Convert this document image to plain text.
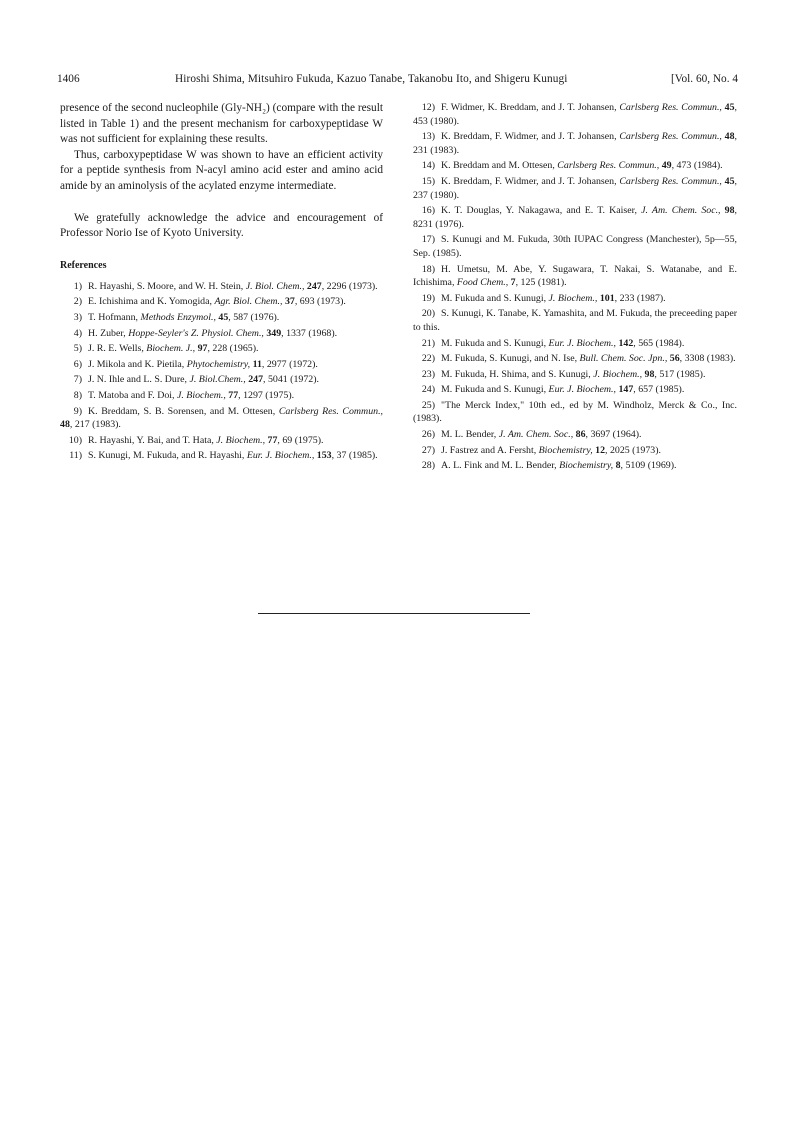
1406	Hiroshi Shima, Mitsuhiro Fukuda, Kazuo Tanabe, Takanobu Ito, and Shigeru Kunugi	[Vol. 60, No. 4

presence of the second nucleophile (Gly-NH₂) (compare with the result listed in Table 1) and the present mechanism for carboxypeptidase W was not sufficient for explaining these results.

Thus, carboxypeptidase W was shown to have an efficient activity for a peptide synthesis from N-acyl amino acid ester and amino acid amide by an aminolysis of the acylated enzyme intermediate.

We gratefully acknowledge the advice and encouragement of Professor Norio Ise of Kyoto University.

References

1) R. Hayashi, S. Moore, and W. H. Stein, J. Biol. Chem., 247, 2296 (1973).

2) E. Ichishima and K. Yomogida, Agr. Biol. Chem., 37, 693 (1973).

3) T. Hofmann, Methods Enzymol., 45, 587 (1976).

4) H. Zuber, Hoppe-Seyler's Z. Physiol. Chem., 349, 1337 (1968).

5) J. R. E. Wells, Biochem. J., 97, 228 (1965).

6) J. Mikola and K. Pietila, Phytochemistry, 11, 2977 (1972).

7) J. N. Ihle and L. S. Dure, J. Biol.Chem., 247, 5041 (1972).

8) T. Matoba and F. Doi, J. Biochem., 77, 1297 (1975).

9) K. Breddam, S. B. Sorensen, and M. Ottesen, Carlsberg Res. Commun., 48, 217 (1983).

10) R. Hayashi, Y. Bai, and T. Hata, J. Biochem., 77, 69 (1975).

11) S. Kunugi, M. Fukuda, and R. Hayashi, Eur. J. Biochem., 153, 37 (1985).

12) F. Widmer, K. Breddam, and J. T. Johansen, Carlsberg Res. Commun., 45, 453 (1980).

13) K. Breddam, F. Widmer, and J. T. Johansen, Carlsberg Res. Commun., 48, 231 (1983).

14) K. Breddam and M. Ottesen, Carlsberg Res. Commun., 49, 473 (1984).

15) K. Breddam, F. Widmer, and J. T. Johansen, Carlsberg Res. Commun., 45, 237 (1980).

16) K. T. Douglas, Y. Nakagawa, and E. T. Kaiser, J. Am. Chem. Soc., 98, 8231 (1976).

17) S. Kunugi and M. Fukuda, 30th IUPAC Congress (Manchester), 5p—55, Sep. (1985).

18) H. Umetsu, M. Abe, Y. Sugawara, T. Nakai, S. Watanabe, and E. Ichishima, Food Chem., 7, 125 (1981).

19) M. Fukuda and S. Kunugi, J. Biochem., 101, 233 (1987).

20) S. Kunugi, K. Tanabe, K. Yamashita, and M. Fukuda, the preceeding paper to this.

21) M. Fukuda and S. Kunugi, Eur. J. Biochem., 142, 565 (1984).

22) M. Fukuda, S. Kunugi, and N. Ise, Bull. Chem. Soc. Jpn., 56, 3308 (1983).

23) M. Fukuda, H. Shima, and S. Kunugi, J. Biochem., 98, 517 (1985).

24) M. Fukuda and S. Kunugi, Eur. J. Biochem., 147, 657 (1985).

25) "The Merck Index," 10th ed., ed by M. Windholz, Merck & Co., Inc. (1983).

26) M. L. Bender, J. Am. Chem. Soc., 86, 3697 (1964).

27) J. Fastrez and A. Fersht, Biochemistry, 12, 2025 (1973).

28) A. L. Fink and M. L. Bender, Biochemistry, 8, 5109 (1969).
